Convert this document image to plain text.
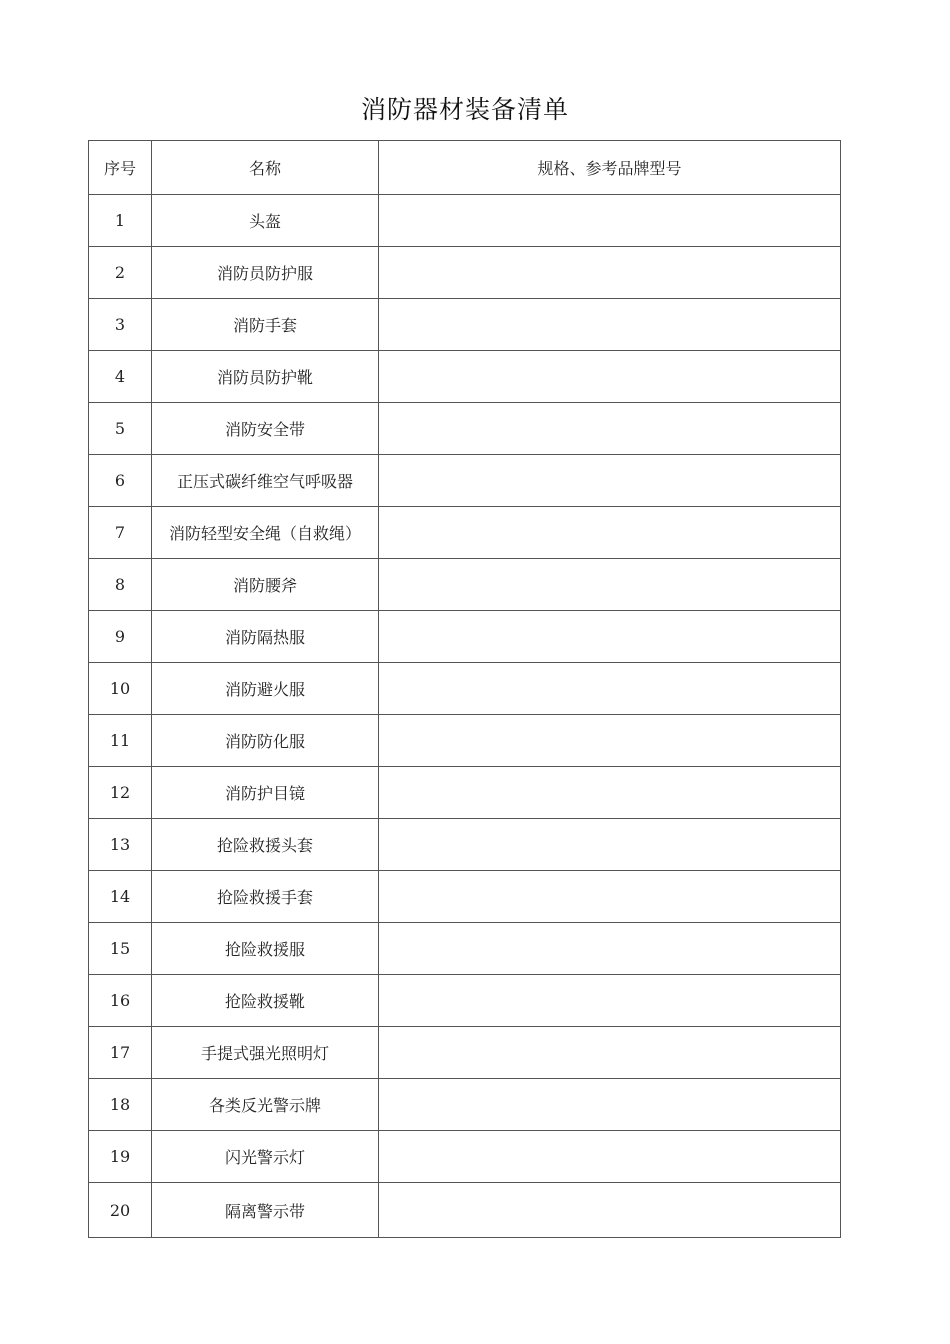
消防器材装备清单
序号	名称	规格、参考品牌型号
1	头盔	
2	消防员防护服	
3	消防手套	
4	消防员防护靴	
5	消防安全带	
6	正压式碳纤维空气呼吸器	
7	消防轻型安全绳（自救绳）	
8	消防腰斧	
9	消防隔热服	
10	消防避火服	
11	消防防化服	
12	消防护目镜	
13	抢险救援头套	
14	抢险救援手套	
15	抢险救援服	
16	抢险救援靴	
17	手提式强光照明灯	
18	各类反光警示牌	
19	闪光警示灯	
20	隔离警示带	
